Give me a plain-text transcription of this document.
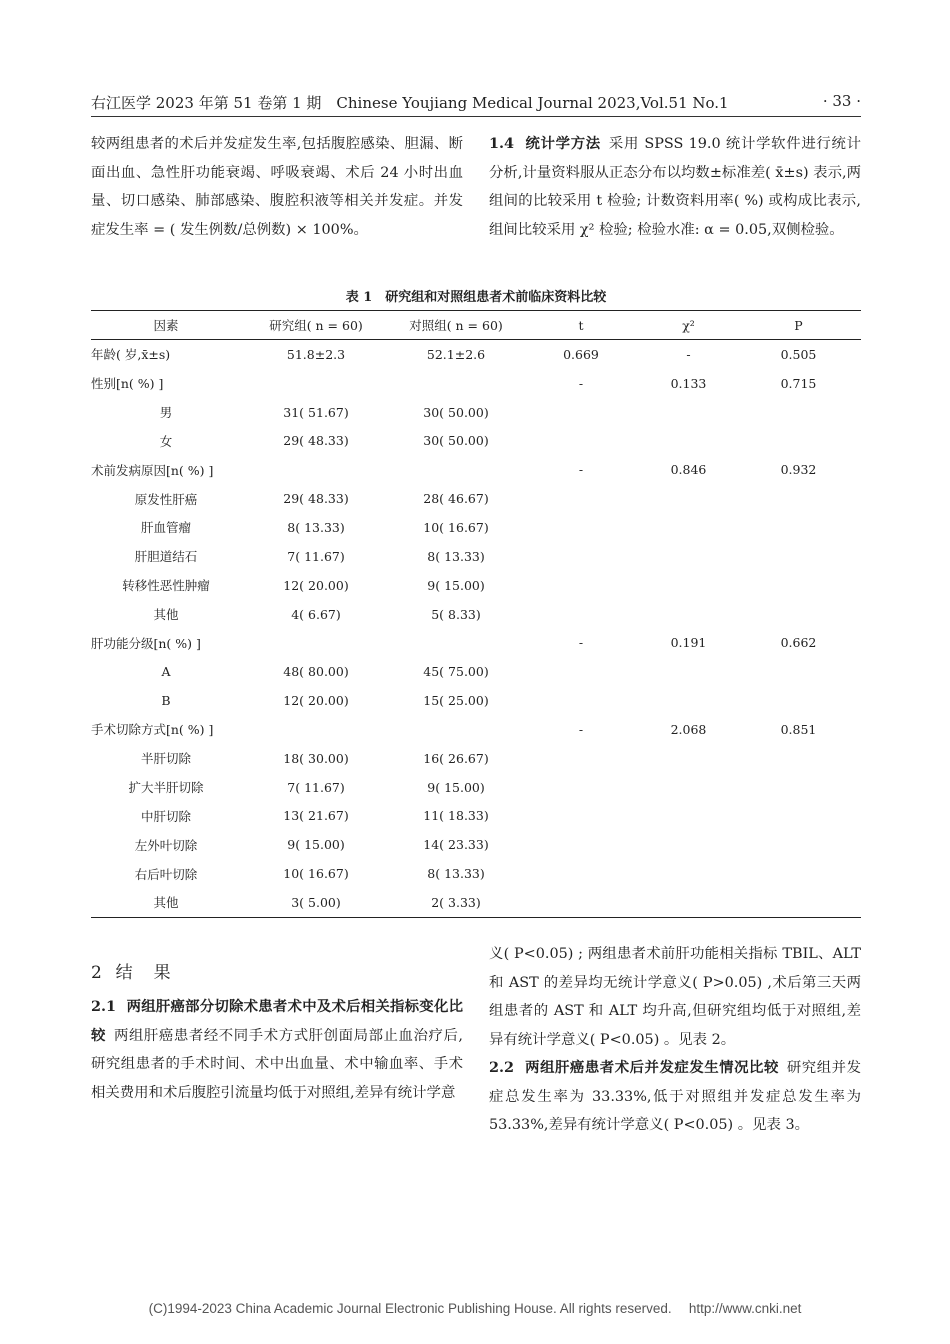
右江医学 2023 年第 51 卷第 1 期　Chinese Youjiang Medical Journal 2023,Vol.51 No.1	· 33 ·
较两组患者的术后并发症发生率,包括腹腔感染、胆漏、断面出血、急性肝功能衰竭、呼吸衰竭、术后 24 小时出血量、切口感染、肺部感染、腹腔积液等相关并发症。并发症发生率 = ( 发生例数/总例数) × 100%。
1.4 统计学方法 采用 SPSS 19.0 统计学软件进行统计分析,计量资料服从正态分布以均数±标准差( x̄±s) 表示,两组间的比较采用 t 检验; 计数资料用率( %) 或构成比表示,组间比较采用 χ² 检验; 检验水准: α = 0.05,双侧检验。
表 1　研究组和对照组患者术前临床资料比较
因素	研究组( n = 60)	对照组( n = 60)	t	χ²	P
年龄( 岁,x̄±s)	51.8±2.3	52.1±2.6	0.669	-	0.505
性别[n( %) ]			-	0.133	0.715
男	31( 51.67)	30( 50.00)			
女	29( 48.33)	30( 50.00)			
术前发病原因[n( %) ]			-	0.846	0.932
原发性肝癌	29( 48.33)	28( 46.67)			
肝血管瘤	8( 13.33)	10( 16.67)			
肝胆道结石	7( 11.67)	8( 13.33)			
转移性恶性肿瘤	12( 20.00)	9( 15.00)			
其他	4( 6.67)	5( 8.33)			
肝功能分级[n( %) ]			-	0.191	0.662
A	48( 80.00)	45( 75.00)			
B	12( 20.00)	15( 25.00)			
手术切除方式[n( %) ]			-	2.068	0.851
半肝切除	18( 30.00)	16( 26.67)			
扩大半肝切除	7( 11.67)	9( 15.00)			
中肝切除	13( 21.67)	11( 18.33)			
左外叶切除	9( 15.00)	14( 23.33)			
右后叶切除	10( 16.67)	8( 13.33)			
其他	3( 5.00)	2( 3.33)			
2 结 果
2.1 两组肝癌部分切除术患者术中及术后相关指标变化比较 两组肝癌患者经不同手术方式肝创面局部止血治疗后,研究组患者的手术时间、术中出血量、术中输血率、手术相关费用和术后腹腔引流量均低于对照组,差异有统计学意
2.2 两组肝癌患者术后并发症发生情况比较 研究组并发症总发生率为 33.33%,低于对照组并发症总发生率为 53.33%,差异有统计学意义( P<0.05) 。见表 3。
(C)1994-2023 China Academic Journal Electronic Publishing House. All rights reserved.　 http://www.cnki.net
义( P<0.05) ; 两组患者术前肝功能相关指标 TBIL、ALT 和 AST 的差异均无统计学意义( P>0.05) ,术后第三天两组患者的 AST 和 ALT 均升高,但研究组均低于对照组,差异有统计学意义( P<0.05) 。见表 2。
